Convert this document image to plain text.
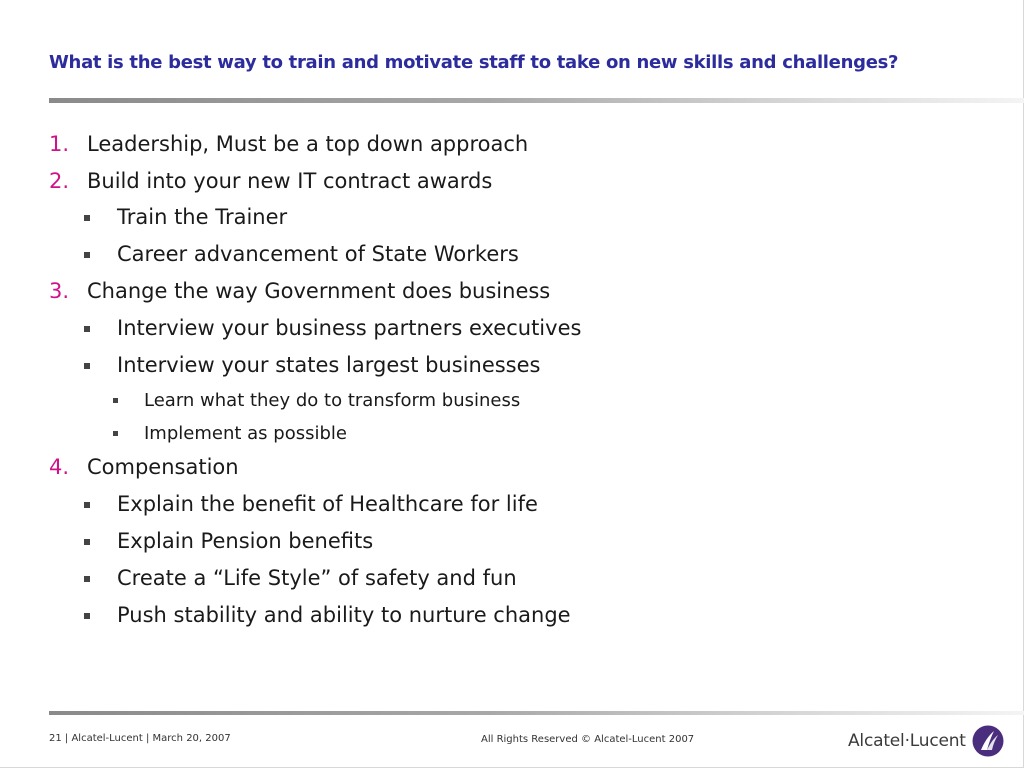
What is the best way to train and motivate staff to take on new skills and challenges?
1. Leadership, Must be a top down approach
2. Build into your new IT contract awards
Train the Trainer
Career advancement of State Workers
3. Change the way Government does business
Interview your business partners executives
Interview your states largest businesses
Learn what they do to transform business
Implement as possible
4. Compensation
Explain the benefit of Healthcare for life
Explain Pension benefits
Create a “Life Style” of safety and fun
Push stability and ability to nurture change
21 | Alcatel-Lucent | March 20, 2007	All Rights Reserved © Alcatel-Lucent 2007	Alcatel·Lucent
